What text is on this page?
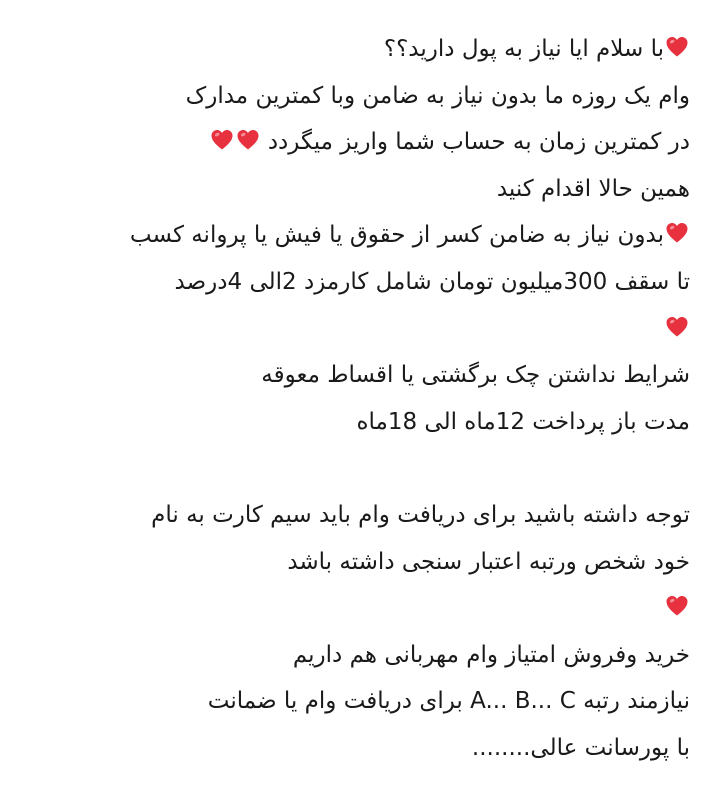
با سلام ایا نیاز به پول دارید؟؟
وام یک روزه ما بدون نیاز به ضامن وبا کمترین مدارک
در کمترین زمان به حساب شما واریز میگردد
همین حالا اقدام کنید
بدون نیاز به ضامن کسر از حقوق یا فیش یا پروانه کسب
تا سقف 300میلیون تومان شامل کارمزد 2الی 4درصد
شرایط نداشتن چک برگشتی یا اقساط معوقه
مدت باز پرداخت 12ماه الی 18ماه
توجه داشته باشید برای دریافت وام باید سیم کارت به نام
خود شخص ورتبه اعتبار سنجی داشته باشد
خرید وفروش امتیاز وام مهربانی هم داریم
نیازمند رتبه A... B... C برای دریافت وام یا ضمانت
با پورسانت عالی........
